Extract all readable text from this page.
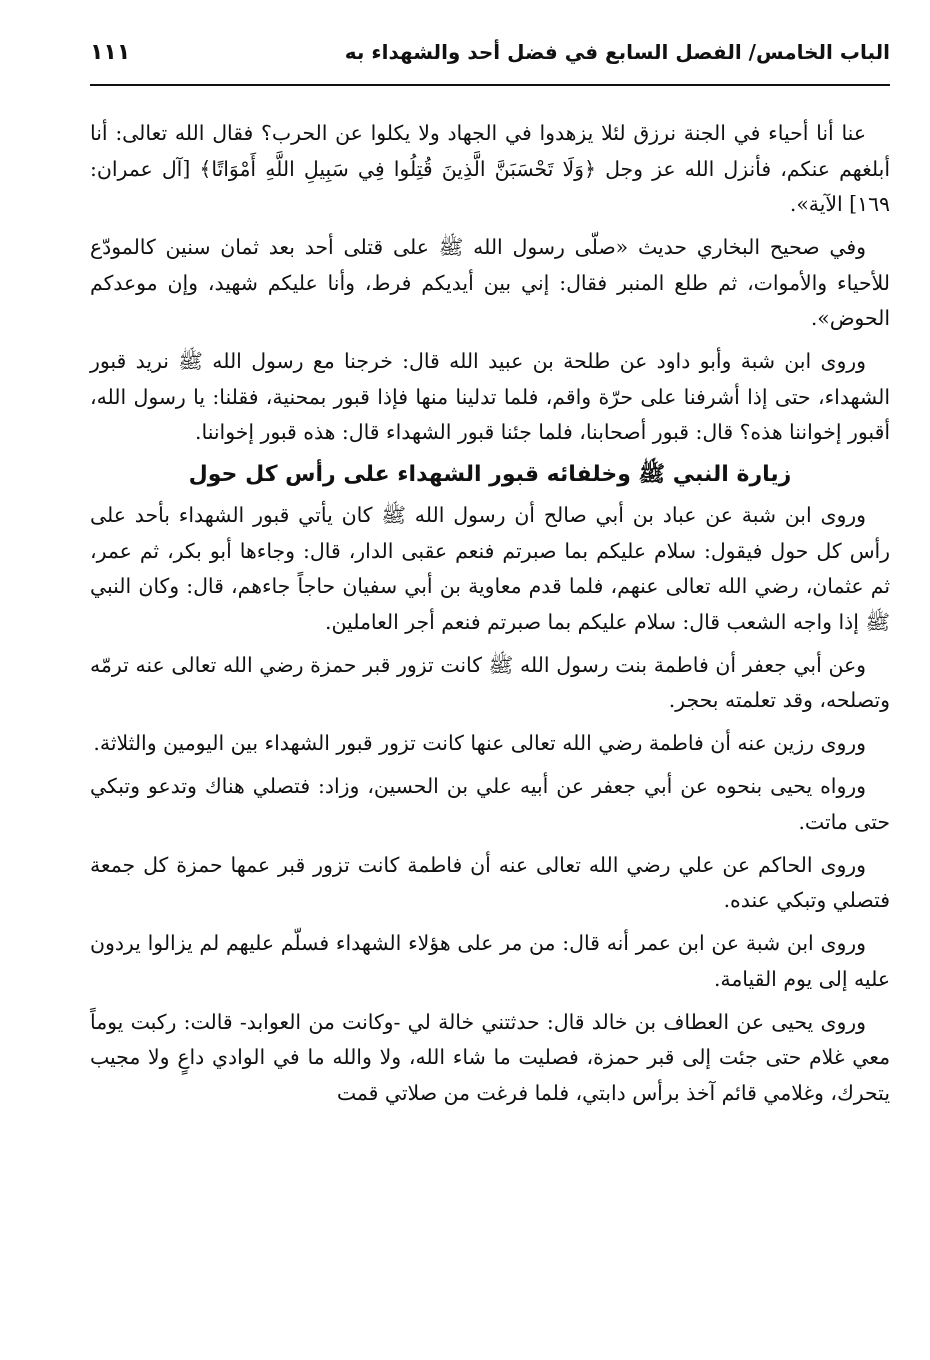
الباب الخامس/ الفصل السابع في فضل أحد والشهداء به
١١١

عنا أنا أحياء في الجنة نرزق لئلا يزهدوا في الجهاد ولا يكلوا عن الحرب؟ فقال الله تعالى: أنا أبلغهم عنكم، فأنزل الله عز وجل ﴿وَلَا تَحْسَبَنَّ الَّذِينَ قُتِلُوا فِي سَبِيلِ اللَّهِ أَمْوَاتًا﴾ [آل عمران: ١٦٩] الآية».

وفي صحيح البخاري حديث «صلّى رسول الله ﷺ على قتلى أحد بعد ثمان سنين كالمودّع للأحياء والأموات، ثم طلع المنبر فقال: إني بين أيديكم فرط، وأنا عليكم شهيد، وإن موعدكم الحوض».

وروى ابن شبة وأبو داود عن طلحة بن عبيد الله قال: خرجنا مع رسول الله ﷺ نريد قبور الشهداء، حتى إذا أشرفنا على حرّة واقم، فلما تدلينا منها فإذا قبور بمحنية، فقلنا: يا رسول الله، أقبور إخواننا هذه؟ قال: قبور أصحابنا، فلما جئنا قبور الشهداء قال: هذه قبور إخواننا.

زيارة النبي ﷺ وخلفائه قبور الشهداء على رأس كل حول

وروى ابن شبة عن عباد بن أبي صالح أن رسول الله ﷺ كان يأتي قبور الشهداء بأحد على رأس كل حول فيقول: سلام عليكم بما صبرتم فنعم عقبى الدار، قال: وجاءها أبو بكر، ثم عمر، ثم عثمان، رضي الله تعالى عنهم، فلما قدم معاوية بن أبي سفيان حاجاً جاءهم، قال: وكان النبي ﷺ إذا واجه الشعب قال: سلام عليكم بما صبرتم فنعم أجر العاملين.

وعن أبي جعفر أن فاطمة بنت رسول الله ﷺ كانت تزور قبر حمزة رضي الله تعالى عنه ترمّه وتصلحه، وقد تعلمته بحجر.

وروى رزين عنه أن فاطمة رضي الله تعالى عنها كانت تزور قبور الشهداء بين اليومين والثلاثة.

ورواه يحيى بنحوه عن أبي جعفر عن أبيه علي بن الحسين، وزاد: فتصلي هناك وتدعو وتبكي حتى ماتت.

وروى الحاكم عن علي رضي الله تعالى عنه أن فاطمة كانت تزور قبر عمها حمزة كل جمعة فتصلي وتبكي عنده.

وروى ابن شبة عن ابن عمر أنه قال: من مر على هؤلاء الشهداء فسلّم عليهم لم يزالوا يردون عليه إلى يوم القيامة.

وروى يحيى عن العطاف بن خالد قال: حدثتني خالة لي -وكانت من العوابد- قالت: ركبت يوماً معي غلام حتى جئت إلى قبر حمزة، فصليت ما شاء الله، ولا والله ما في الوادي داعٍ ولا مجيب يتحرك، وغلامي قائم آخذ برأس دابتي، فلما فرغت من صلاتي قمت
